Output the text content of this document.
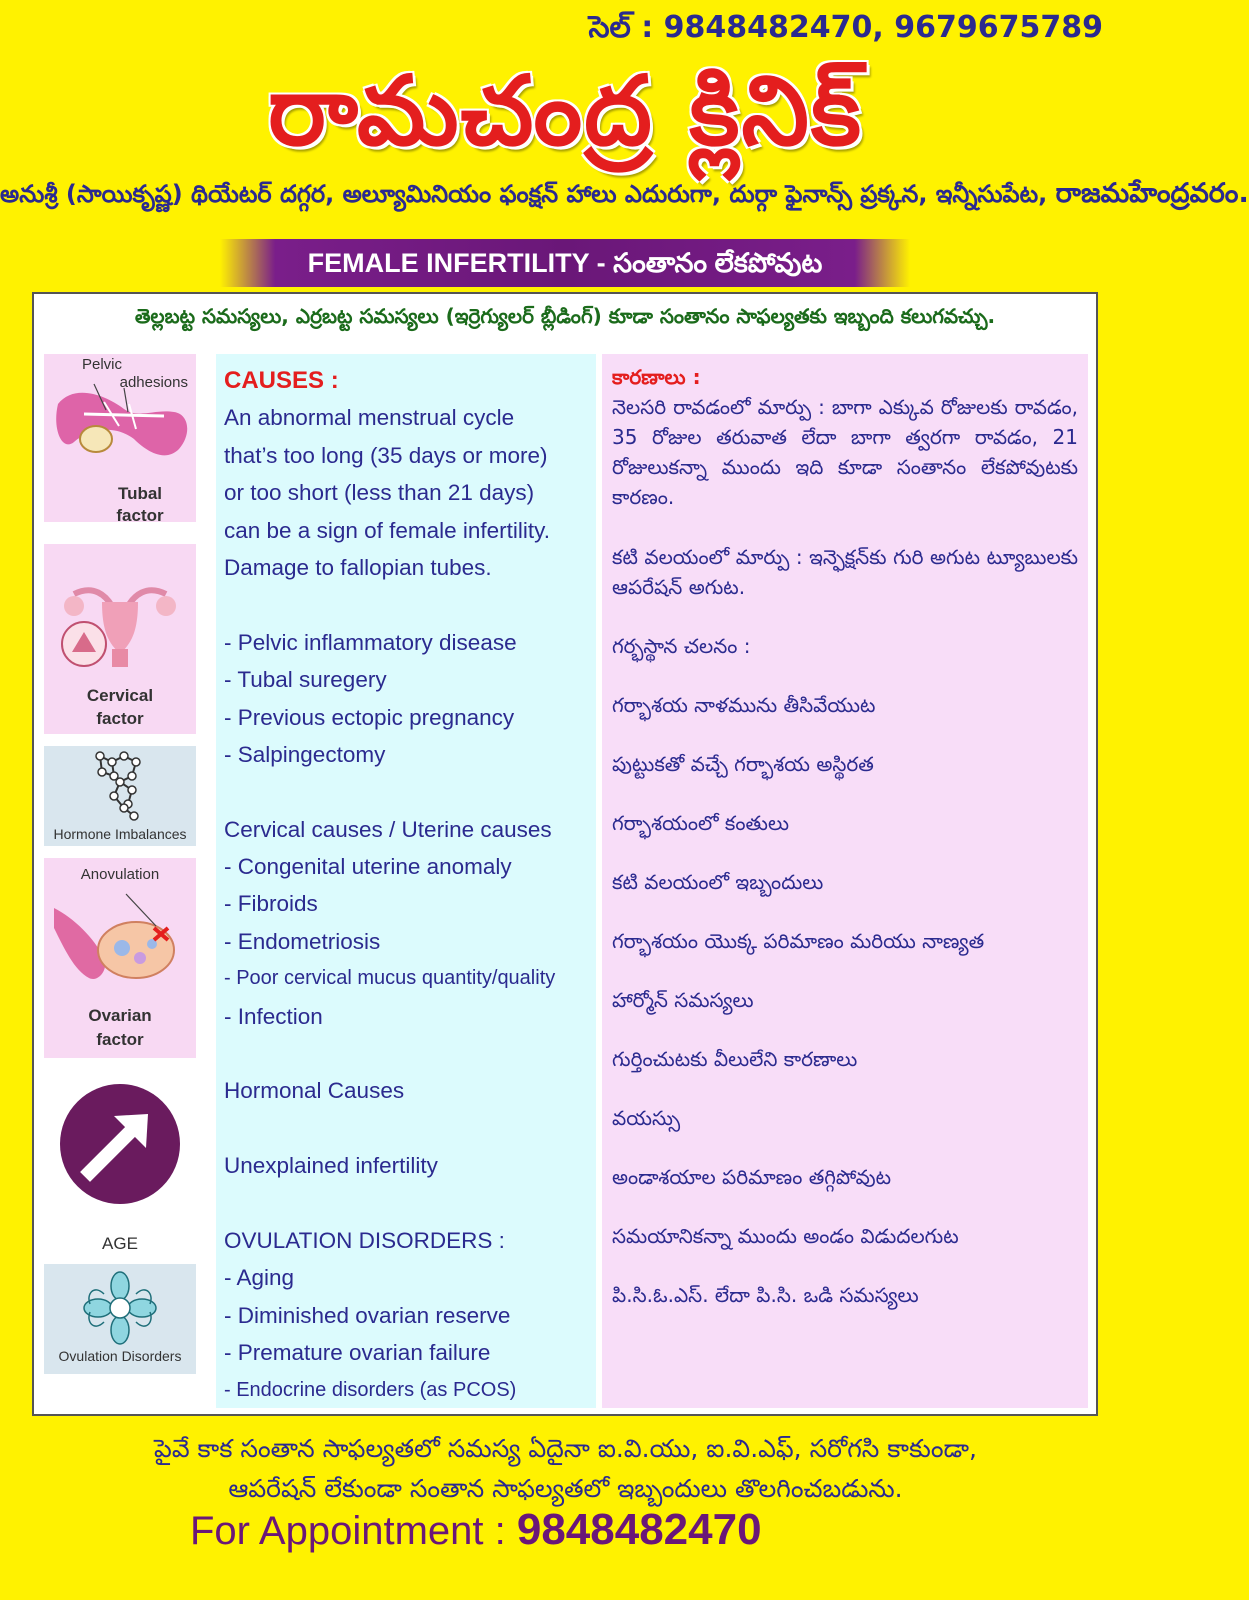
సెల్ : 9848482470, 9679675789
రామచంద్ర క్లినిక్
అనుశ్రీ (సాయికృష్ణ) థియేటర్ దగ్గర, అల్యూమినియం ఫంక్షన్ హాలు ఎదురుగా, దుర్గా ఫైనాన్స్ ప్రక్కన, ఇన్నీసుపేట, రాజమహేంద్రవరం.
FEMALE INFERTILITY - సంతానం లేకపోవుట
తెల్లబట్ట సమస్యలు, ఎర్రబట్ట సమస్యలు (ఇర్రెగ్యులర్ బ్లీడింగ్) కూడా సంతానం సాఫల్యతకు ఇబ్బంది కలుగవచ్చు.
Pelvic
adhesions
Tubal
factor
Cervical
factor
Hormone Imbalances
Anovulation
Ovarian
factor
AGE
Ovulation Disorders
CAUSES :
An abnormal menstrual cycle
that’s too long (35 days or more)
or too short (less than 21 days)
can be a sign of female infertility.
Damage to fallopian tubes.
- Pelvic inflammatory disease
- Tubal suregery
- Previous ectopic pregnancy
- Salpingectomy
Cervical causes / Uterine causes
- Congenital uterine anomaly
- Fibroids
- Endometriosis
- Poor cervical mucus quantity/quality
- Infection
Hormonal Causes
Unexplained infertility
OVULATION DISORDERS :
- Aging
- Diminished ovarian reserve
- Premature ovarian failure
- Endocrine disorders (as PCOS)
కారణాలు :
నెలసరి రావడంలో మార్పు : బాగా ఎక్కువ రోజులకు రావడం, 35 రోజుల తరువాత లేదా బాగా త్వరగా రావడం, 21 రోజులుకన్నా ముందు ఇది కూడా సంతానం లేకపోవుటకు కారణం.
కటి వలయంలో మార్పు : ఇన్ఫెక్షన్‌కు గురి అగుట ట్యూబులకు ఆపరేషన్ అగుట.
గర్భస్థాన చలనం :
గర్భాశయ నాళమును తీసివేయుట
పుట్టుకతో వచ్చే గర్భాశయ అస్థిరత
గర్భాశయంలో కంతులు
కటి వలయంలో ఇబ్బందులు
గర్భాశయం యొక్క పరిమాణం మరియు నాణ్యత
హార్మోన్ సమస్యలు
గుర్తించుటకు వీలులేని కారణాలు
వయస్సు
అండాశయాల పరిమాణం తగ్గిపోవుట
సమయానికన్నా ముందు అండం విడుదలగుట
పి.సి.ఓ.ఎస్. లేదా పి.సి. ఒడి సమస్యలు
పైవే కాక సంతాన సాఫల్యతలో సమస్య ఏదైనా ఐ.వి.యు, ఐ.వి.ఎఫ్, సరోగసి కాకుండా,
ఆపరేషన్ లేకుండా సంతాన సాఫల్యతలో ఇబ్బందులు తొలగించబడును.
For Appointment : 9848482470
